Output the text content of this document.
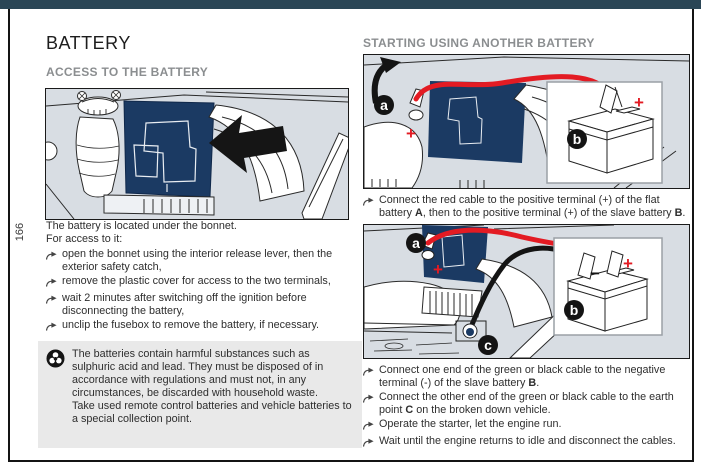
166
BATTERY
ACCESS TO THE BATTERY

The battery is located under the bonnet.

For access to it:

open the bonnet using the interior release lever, then the exterior safety catch,
remove the plastic cover for access to the two terminals,
wait 2 minutes after switching off the ignition before disconnecting the battery,
unclip the fusebox to remove the battery, if necessary.

The batteries contain harmful substances such as sulphuric acid and lead. They must be disposed of in accordance with regulations and must not, in any circumstances, be discarded with household waste.

Take used remote control batteries and vehicle batteries to a special collection point.

STARTING USING ANOTHER BATTERY
a
+
+
b
Connect the red cable to the positive terminal (+) of the flat battery A, then to the positive terminal (+) of the slave battery B.
a
+	−
+
b
c
Connect one end of the green or black cable to the negative terminal (-) of the slave battery B.
Connect the other end of the green or black cable to the earth point C on the broken down vehicle.
Operate the starter, let the engine run.
Wait until the engine returns to idle and disconnect the cables.
